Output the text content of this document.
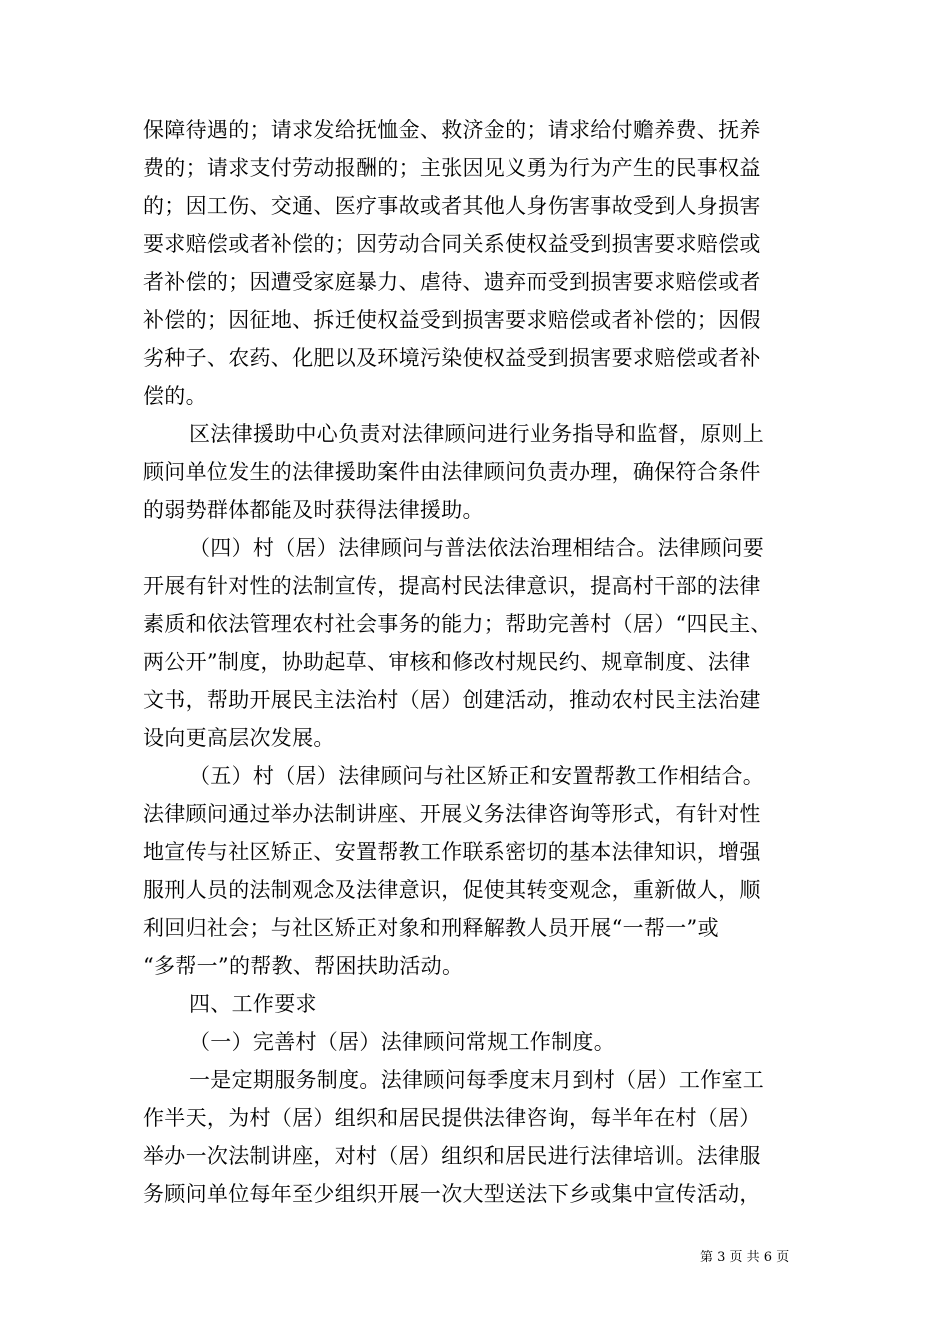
保障待遇的；请求发给抚恤金、救济金的；请求给付赡养费、抚养
费的；请求支付劳动报酬的；主张因见义勇为行为产生的民事权益
的；因工伤、交通、医疗事故或者其他人身伤害事故受到人身损害
要求赔偿或者补偿的；因劳动合同关系使权益受到损害要求赔偿或
者补偿的；因遭受家庭暴力、虐待、遗弃而受到损害要求赔偿或者
补偿的；因征地、拆迁使权益受到损害要求赔偿或者补偿的；因假
劣种子、农药、化肥以及环境污染使权益受到损害要求赔偿或者补
偿的。
区法律援助中心负责对法律顾问进行业务指导和监督，原则上
顾问单位发生的法律援助案件由法律顾问负责办理，确保符合条件
的弱势群体都能及时获得法律援助。
（四）村（居）法律顾问与普法依法治理相结合。法律顾问要
开展有针对性的法制宣传，提高村民法律意识，提高村干部的法律
素质和依法管理农村社会事务的能力；帮助完善村（居）“四民主、
两公开”制度，协助起草、审核和修改村规民约、规章制度、法律
文书，帮助开展民主法治村（居）创建活动，推动农村民主法治建
设向更高层次发展。
（五）村（居）法律顾问与社区矫正和安置帮教工作相结合。
法律顾问通过举办法制讲座、开展义务法律咨询等形式，有针对性
地宣传与社区矫正、安置帮教工作联系密切的基本法律知识，增强
服刑人员的法制观念及法律意识，促使其转变观念，重新做人，顺
利回归社会；与社区矫正对象和刑释解教人员开展“一帮一”或
“多帮一”的帮教、帮困扶助活动。
四、工作要求
（一）完善村（居）法律顾问常规工作制度。
一是定期服务制度。法律顾问每季度末月到村（居）工作室工
作半天，为村（居）组织和居民提供法律咨询，每半年在村（居）
举办一次法制讲座，对村（居）组织和居民进行法律培训。法律服
务顾问单位每年至少组织开展一次大型送法下乡或集中宣传活动，
第 3 页 共 6 页
